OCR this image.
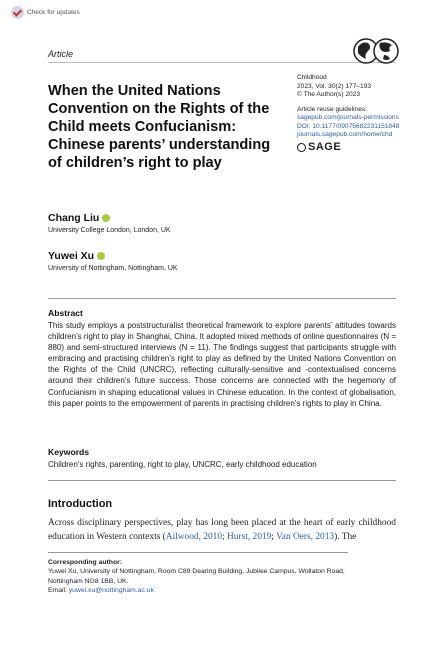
Check for updates
Article
When the United Nations Convention on the Rights of the Child meets Confucianism: Chinese parents’ understanding of children’s right to play
Childhood
2023, Vol. 30(2) 177–193
© The Author(s) 2023
Article reuse guidelines:
sagepub.com/journals-permissions
DOI: 10.1177/09075682231151848
journals.sagepub.com/home/chd
SAGE
Chang Liu
University College London, London, UK
Yuwei Xu
University of Nottingham, Nottingham, UK
Abstract
This study employs a poststructuralist theoretical framework to explore parents’ attitudes towards children’s right to play in Shanghai, China. It adopted mixed methods of online questionnaires (N = 880) and semi-structured interviews (N = 11). The findings suggest that participants struggle with embracing and practising children’s right to play as defined by the United Nations Convention on the Rights of the Child (UNCRC), reflecting culturally-sensitive and -contextualised concerns around their children’s future success. Those concerns are connected with the hegemony of Confucianism in shaping educational values in Chinese education. In the context of globalisation, this paper points to the empowerment of parents in practising children’s rights to play in China.
Keywords
Children’s rights, parenting, right to play, UNCRC, early childhood education
Introduction
Across disciplinary perspectives, play has long been placed at the heart of early childhood education in Western contexts (Ailwood, 2010; Hurst, 2019; Van Oers, 2013). The
Corresponding author:
Yuwei Xu, University of Nottingham, Room C89 Dearing Building, Jubilee Campus, Wollaton Road,
Nottingham NG8 1BB, UK.
Email: yuwei.xu@nottingham.ac.uk
